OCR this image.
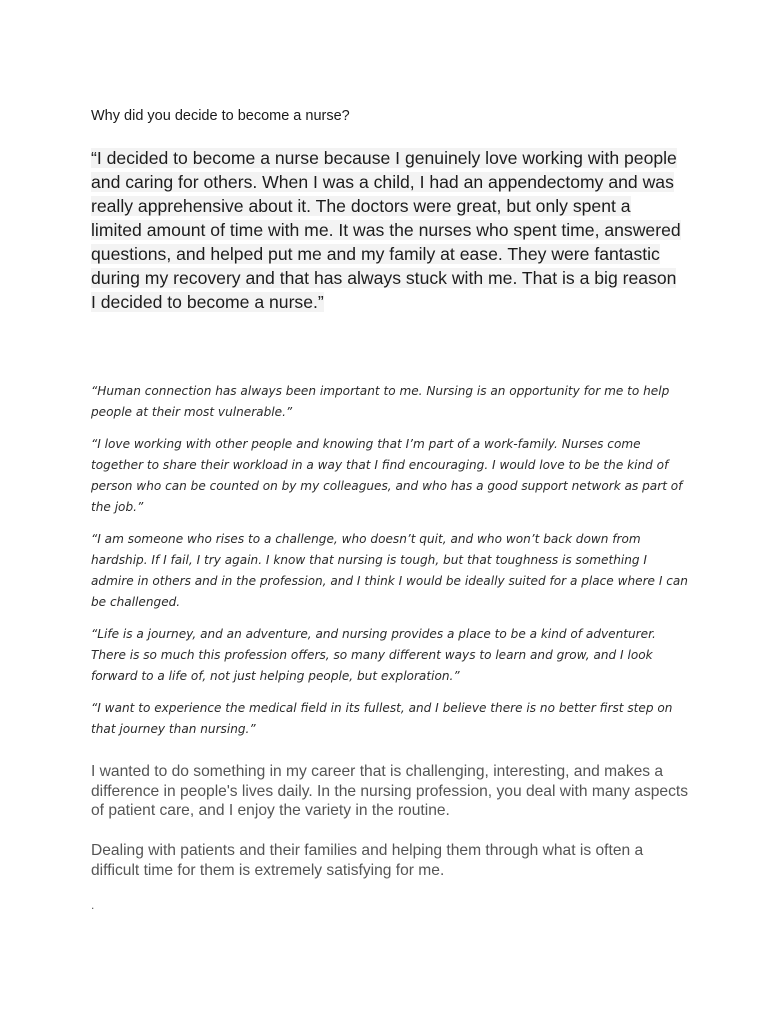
Why did you decide to become a nurse?

“I decided to become a nurse because I genuinely love working with people and caring for others. When I was a child, I had an appendectomy and was really apprehensive about it. The doctors were great, but only spent a limited amount of time with me. It was the nurses who spent time, answered questions, and helped put me and my family at ease. They were fantastic during my recovery and that has always stuck with me. That is a big reason I decided to become a nurse.”

“Human connection has always been important to me. Nursing is an opportunity for me to help people at their most vulnerable.”

“I love working with other people and knowing that I’m part of a work-family. Nurses come together to share their workload in a way that I find encouraging. I would love to be the kind of person who can be counted on by my colleagues, and who has a good support network as part of the job.”

“I am someone who rises to a challenge, who doesn’t quit, and who won’t back down from hardship. If I fail, I try again. I know that nursing is tough, but that toughness is something I admire in others and in the profession, and I think I would be ideally suited for a place where I can be challenged.

“Life is a journey, and an adventure, and nursing provides a place to be a kind of adventurer. There is so much this profession offers, so many different ways to learn and grow, and I look forward to a life of, not just helping people, but exploration.”

“I want to experience the medical field in its fullest, and I believe there is no better first step on that journey than nursing.”

I wanted to do something in my career that is challenging, interesting, and makes a difference in people's lives daily. In the nursing profession, you deal with many aspects of patient care, and I enjoy the variety in the routine.

Dealing with patients and their families and helping them through what is often a difficult time for them is extremely satisfying for me.

.
